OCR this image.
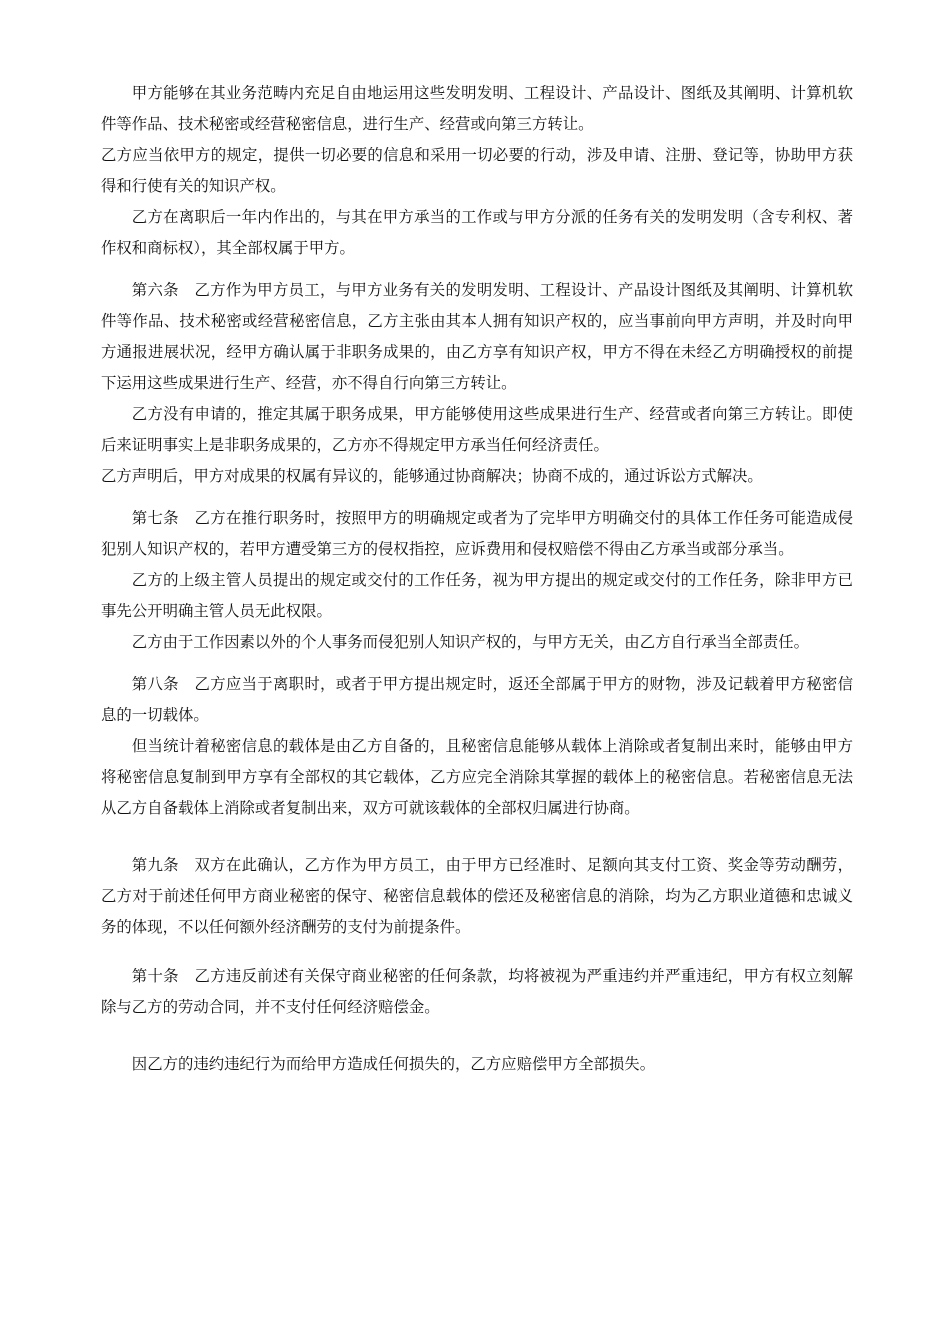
甲方能够在其业务范畴内充足自由地运用这些发明发明、工程设计、产品设计、图纸及其阐明、计算机软件等作品、技术秘密或经营秘密信息，进行生产、经营或向第三方转让。

乙方应当依甲方的规定，提供一切必要的信息和采用一切必要的行动，涉及申请、注册、登记等，协助甲方获得和行使有关的知识产权。

乙方在离职后一年内作出的，与其在甲方承当的工作或与甲方分派的任务有关的发明发明（含专利权、著作权和商标权），其全部权属于甲方。

第六条　乙方作为甲方员工，与甲方业务有关的发明发明、工程设计、产品设计图纸及其阐明、计算机软件等作品、技术秘密或经营秘密信息，乙方主张由其本人拥有知识产权的，应当事前向甲方声明，并及时向甲方通报进展状况，经甲方确认属于非职务成果的，由乙方享有知识产权，甲方不得在未经乙方明确授权的前提下运用这些成果进行生产、经营，亦不得自行向第三方转让。

乙方没有申请的，推定其属于职务成果，甲方能够使用这些成果进行生产、经营或者向第三方转让。即使后来证明事实上是非职务成果的，乙方亦不得规定甲方承当任何经济责任。

乙方声明后，甲方对成果的权属有异议的，能够通过协商解决；协商不成的，通过诉讼方式解决。

第七条　乙方在推行职务时，按照甲方的明确规定或者为了完毕甲方明确交付的具体工作任务可能造成侵犯别人知识产权的，若甲方遭受第三方的侵权指控，应诉费用和侵权赔偿不得由乙方承当或部分承当。

乙方的上级主管人员提出的规定或交付的工作任务，视为甲方提出的规定或交付的工作任务，除非甲方已事先公开明确主管人员无此权限。

乙方由于工作因素以外的个人事务而侵犯别人知识产权的，与甲方无关，由乙方自行承当全部责任。

第八条　乙方应当于离职时，或者于甲方提出规定时，返还全部属于甲方的财物，涉及记载着甲方秘密信息的一切载体。

但当统计着秘密信息的载体是由乙方自备的，且秘密信息能够从载体上消除或者复制出来时，能够由甲方将秘密信息复制到甲方享有全部权的其它载体，乙方应完全消除其掌握的载体上的秘密信息。若秘密信息无法从乙方自备载体上消除或者复制出来，双方可就该载体的全部权归属进行协商。

第九条　双方在此确认，乙方作为甲方员工，由于甲方已经准时、足额向其支付工资、奖金等劳动酬劳，乙方对于前述任何甲方商业秘密的保守、秘密信息载体的偿还及秘密信息的消除，均为乙方职业道德和忠诚义务的体现，不以任何额外经济酬劳的支付为前提条件。

第十条　乙方违反前述有关保守商业秘密的任何条款，均将被视为严重违约并严重违纪，甲方有权立刻解除与乙方的劳动合同，并不支付任何经济赔偿金。

因乙方的违约违纪行为而给甲方造成任何损失的，乙方应赔偿甲方全部损失。
